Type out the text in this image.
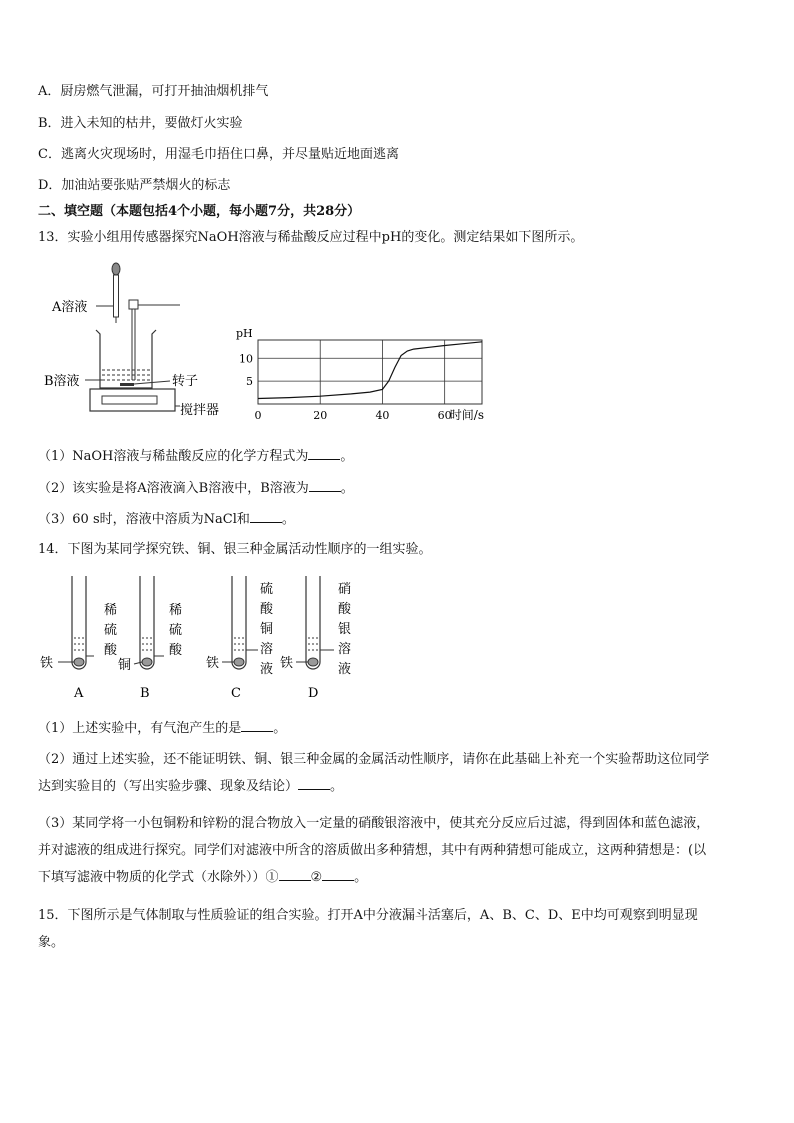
A．厨房燃气泄漏，可打开抽油烟机排气
B．进入未知的枯井，要做灯火实验
C．逃离火灾现场时，用湿毛巾捂住口鼻，并尽量贴近地面逃离
D．加油站要张贴严禁烟火的标志
二、填空题（本题包括4个小题，每小题7分，共28分）
13．实验小组用传感器探究NaOH溶液与稀盐酸反应过程中pH的变化。测定结果如下图所示。
A溶液
B溶液	转子
搅拌器	0	20	40	60
5
10
pH
时间/s
（1）NaOH溶液与稀盐酸反应的化学方程式为 。
（2）该实验是将A溶液滴入B溶液中，B溶液为 。
（3）60 s时，溶液中溶质为NaCl和 。
14．下图为某同学探究铁、铜、银三种金属活动性顺序的一组实验。
铁
稀
硫
酸
A
铜
稀
硫
酸
B
铁
硫
酸
铜
溶
液
C
铁
硝
酸
银
溶
液
D
（1）上述实验中，有气泡产生的是 。
（2）通过上述实验，还不能证明铁、铜、银三种金属的金属活动性顺序，请你在此基础上补充一个实验帮助这位同学
达到实验目的（写出实验步骤、现象及结论） 。
（3）某同学将一小包铜粉和锌粉的混合物放入一定量的硝酸银溶液中，使其充分反应后过滤，得到固体和蓝色滤液，
并对滤液的组成进行探究。同学们对滤液中所含的溶质做出多种猜想，其中有两种猜想可能成立，这两种猜想是：(以
下填写滤液中物质的化学式（水除外））① ② 。
15．下图所示是气体制取与性质验证的组合实验。打开A中分液漏斗活塞后，A、B、C、D、E中均可观察到明显现
象。
